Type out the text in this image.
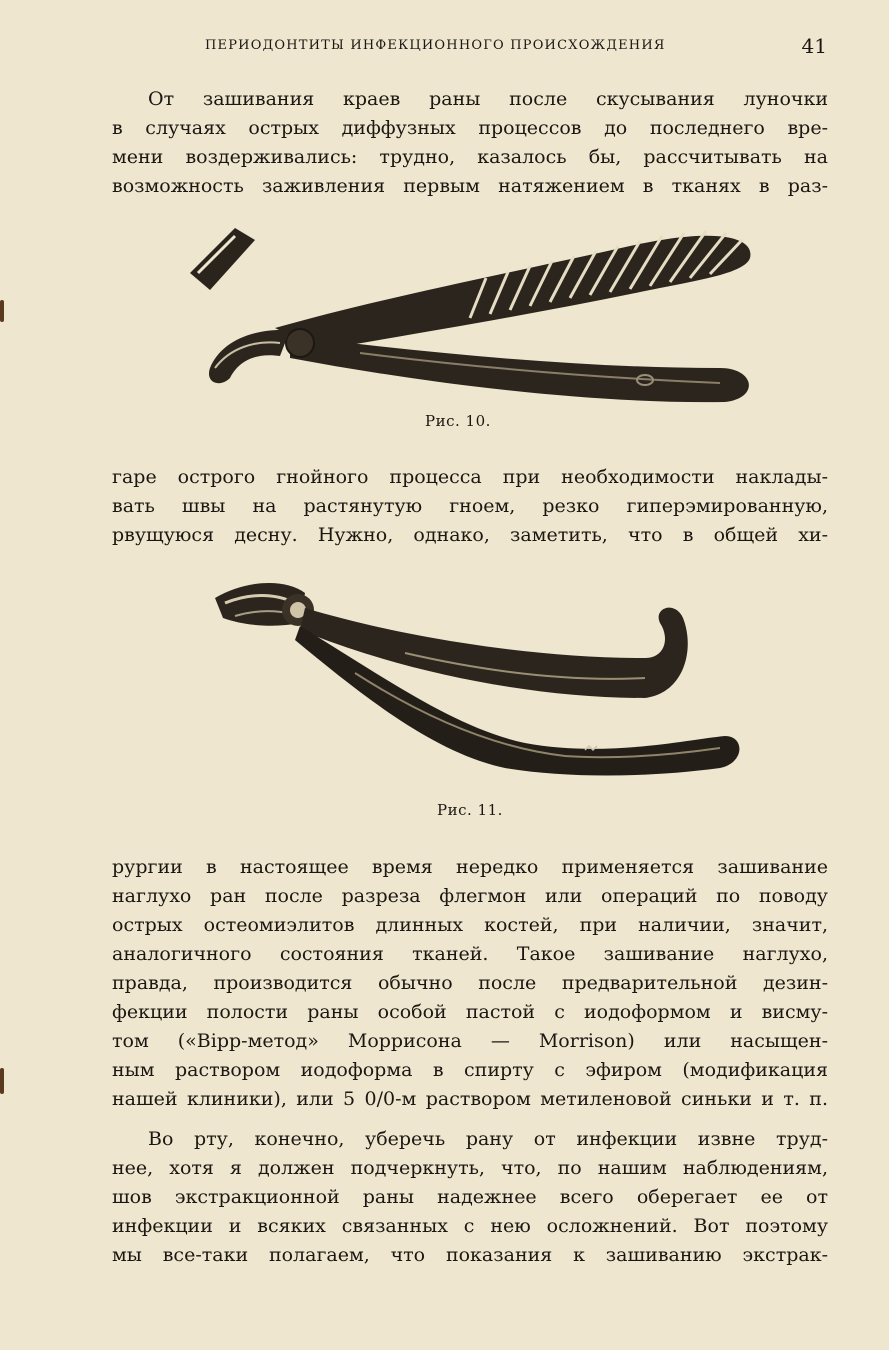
ПЕРИОДОНТИТЫ ИНФЕКЦИОННОГО ПРОИСХОЖДЕНИЯ	41
От зашивания краев раны после скусывания луночки
в случаях острых диффузных процессов до последнего вре-
мени воздерживались: трудно, казалось бы, рассчитывать на
возможность заживления первым натяжением в тканях в раз-
Рис. 10.
гаре острого гнойного процесса при необходимости наклады-
вать швы на растянутую гноем, резко гиперэмированную,
рвущуюся десну. Нужно, однако, заметить, что в общей хи-
Рис. 11.
рургии в настоящее время нередко применяется зашивание
наглухо ран после разреза флегмон или операций по поводу
острых остеомиэлитов длинных костей, при наличии, значит,
аналогичного состояния тканей. Такое зашивание наглухо,
правда, производится обычно после предварительной дезин-
фекции полости раны особой пастой с иодоформом и висму-
том («Віpp-метод» Моррисона — Morrison) или насыщен-
ным раствором иодоформа в спирту с эфиром (модификация
нашей клиники), или 5 0/0-м раствором метиленовой синьки и т. п.
Во рту, конечно, уберечь рану от инфекции извне труд-
нее, хотя я должен подчеркнуть, что, по нашим наблюдениям,
шов экстракционной раны надежнее всего оберегает ее от
инфекции и всяких связанных с нею осложнений. Вот поэтому
мы все-таки полагаем, что показания к зашиванию экстрак-
